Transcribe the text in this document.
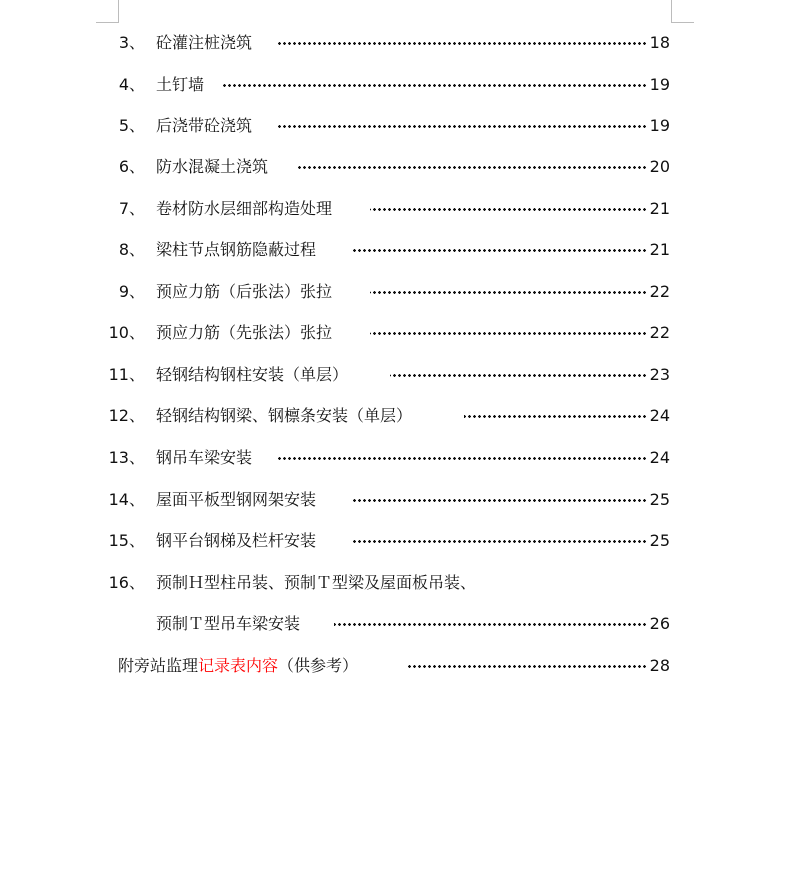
3、 砼灌注桩浇筑	18
4、 土钉墙	19
5、 后浇带砼浇筑	19
6、 防水混凝土浇筑	20
7、 卷材防水层细部构造处理	21
8、 梁柱节点钢筋隐蔽过程	21
9、 预应力筋（后张法）张拉	22
10、 预应力筋（先张法）张拉	22
11、 轻钢结构钢柱安装（单层）	23
12、 轻钢结构钢梁、钢檩条安装（单层）	24
13、 钢吊车梁安装	24
14、 屋面平板型钢网架安装	25
15、 钢平台钢梯及栏杆安装	25
16、 预制Ｈ型柱吊装、预制Ｔ型梁及屋面板吊装、
预制Ｔ型吊车梁安装	26
附旁站监理记录表内容（供参考）	28
